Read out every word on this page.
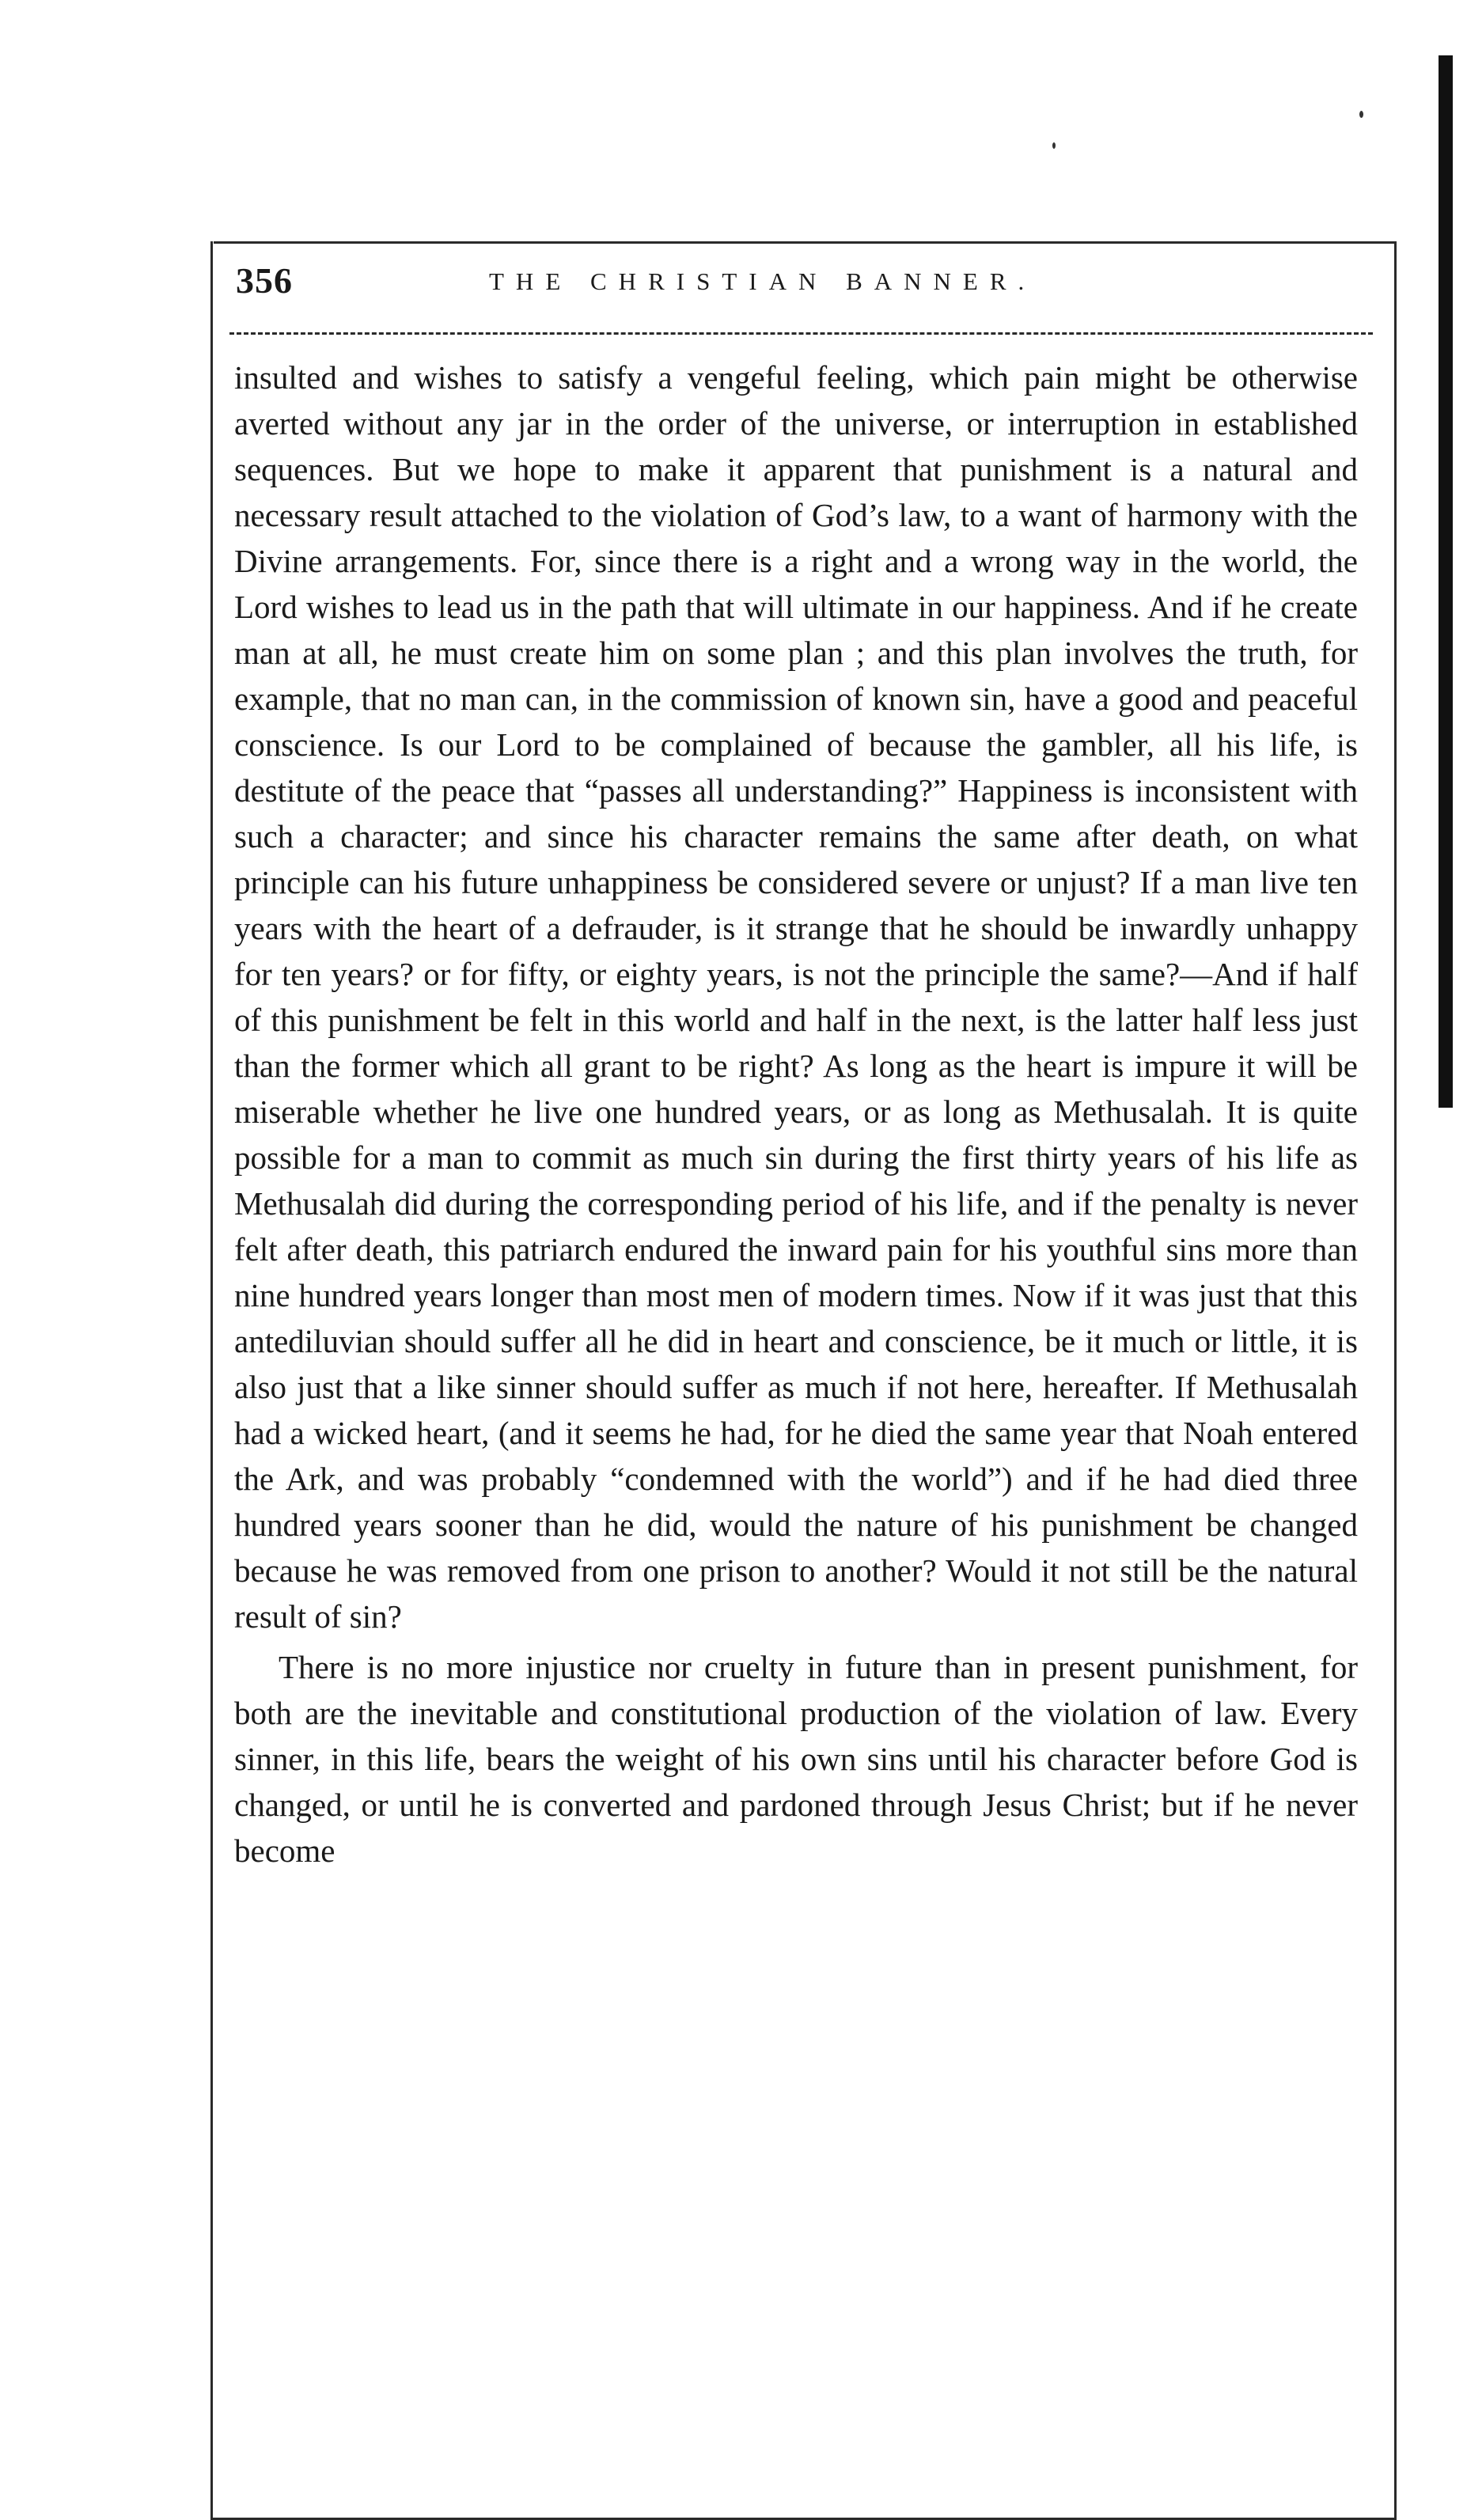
356	THE CHRISTIAN BANNER.

insulted and wishes to satisfy a vengeful feeling, which pain might be otherwise averted without any jar in the order of the universe, or interruption in established sequences. But we hope to make it apparent that punishment is a natural and necessary result attached to the violation of God’s law, to a want of harmony with the Divine arrangements. For, since there is a right and a wrong way in the world, the Lord wishes to lead us in the path that will ultimate in our happiness. And if he create man at all, he must create him on some plan ; and this plan involves the truth, for example, that no man can, in the commission of known sin, have a good and peaceful conscience. Is our Lord to be complained of because the gambler, all his life, is destitute of the peace that “passes all understanding?” Happiness is inconsistent with such a character; and since his character remains the same after death, on what principle can his future unhappiness be considered severe or unjust? If a man live ten years with the heart of a defrauder, is it strange that he should be inwardly unhappy for ten years? or for fifty, or eighty years, is not the principle the same?—And if half of this punishment be felt in this world and half in the next, is the latter half less just than the former which all grant to be right? As long as the heart is impure it will be miserable whether he live one hundred years, or as long as Methusalah. It is quite possible for a man to commit as much sin during the first thirty years of his life as Methusalah did during the corresponding period of his life, and if the penalty is never felt after death, this patriarch endured the inward pain for his youthful sins more than nine hundred years longer than most men of modern times. Now if it was just that this antediluvian should suffer all he did in heart and conscience, be it much or little, it is also just that a like sinner should suffer as much if not here, hereafter. If Methusalah had a wicked heart, (and it seems he had, for he died the same year that Noah entered the Ark, and was probably “condemned with the world”) and if he had died three hundred years sooner than he did, would the nature of his punishment be changed because he was removed from one prison to another? Would it not still be the natural result of sin?

There is no more injustice nor cruelty in future than in present punishment, for both are the inevitable and constitutional production of the violation of law. Every sinner, in this life, bears the weight of his own sins until his character before God is changed, or until he is converted and pardoned through Jesus Christ; but if he never become
